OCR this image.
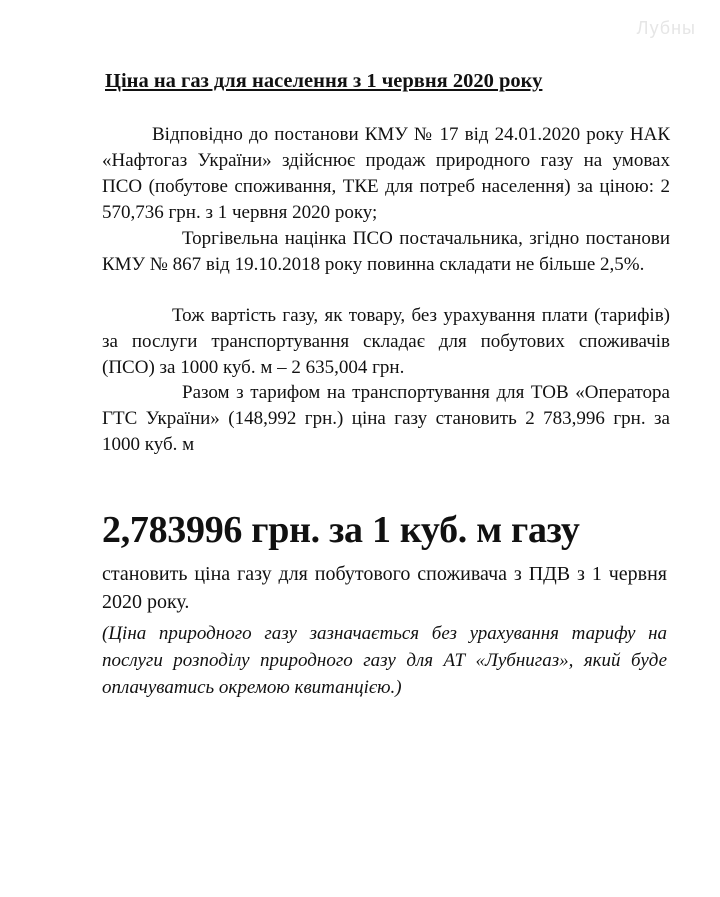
Лубны
Ціна на газ для населення з 1 червня 2020 року
Відповідно до постанови КМУ № 17 від 24.01.2020 року НАК «Нафтогаз України» здійснює продаж природного газу на умовах ПСО (побутове споживання, ТКЕ для потреб населення) за ціною: 2 570,736 грн. з 1 червня 2020 року;
Торгівельна націнка ПСО постачальника, згідно постанови КМУ № 867 від 19.10.2018 року повинна складати не більше 2,5%.
Тож вартість газу, як товару, без урахування плати (тарифів) за послуги транспортування складає для побутових споживачів (ПСО) за 1000 куб. м – 2 635,004 грн.
Разом з тарифом на транспортування для ТОВ «Оператора ГТС України» (148,992 грн.) ціна газу становить 2 783,996 грн. за 1000 куб. м
2,783996 грн. за 1 куб. м газу
становить ціна газу для побутового споживача з ПДВ з 1 червня 2020 року.
(Ціна природного газу зазначається без урахування тарифу на послуги розподілу природного газу для АТ «Лубнигаз», який буде оплачуватись окремою квитанцією.)
